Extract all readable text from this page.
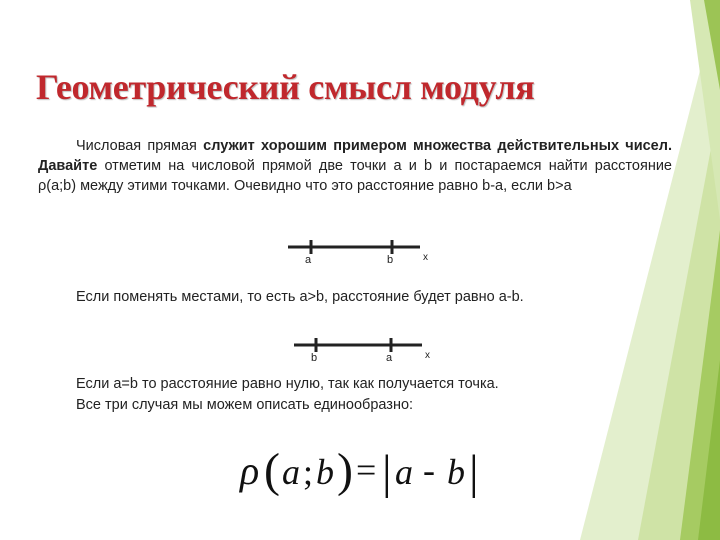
Геометрический смысл модуля

Числовая прямая служит хорошим примером множества действительных чисел. Давайте отметим на числовой прямой две точки a и b и постараемся найти расстояние ρ(a;b) между этими точками. Очевидно что это расстояние равно b-a, если b>a

a	b	x

Если поменять местами, то есть a>b, расстояние будет равно a-b.

b	a	x

Если a=b то расстояние равно нулю, так как получается точка.

Все три случая мы можем описать единообразно:

ρ ( a ; b ) = | a - b |
